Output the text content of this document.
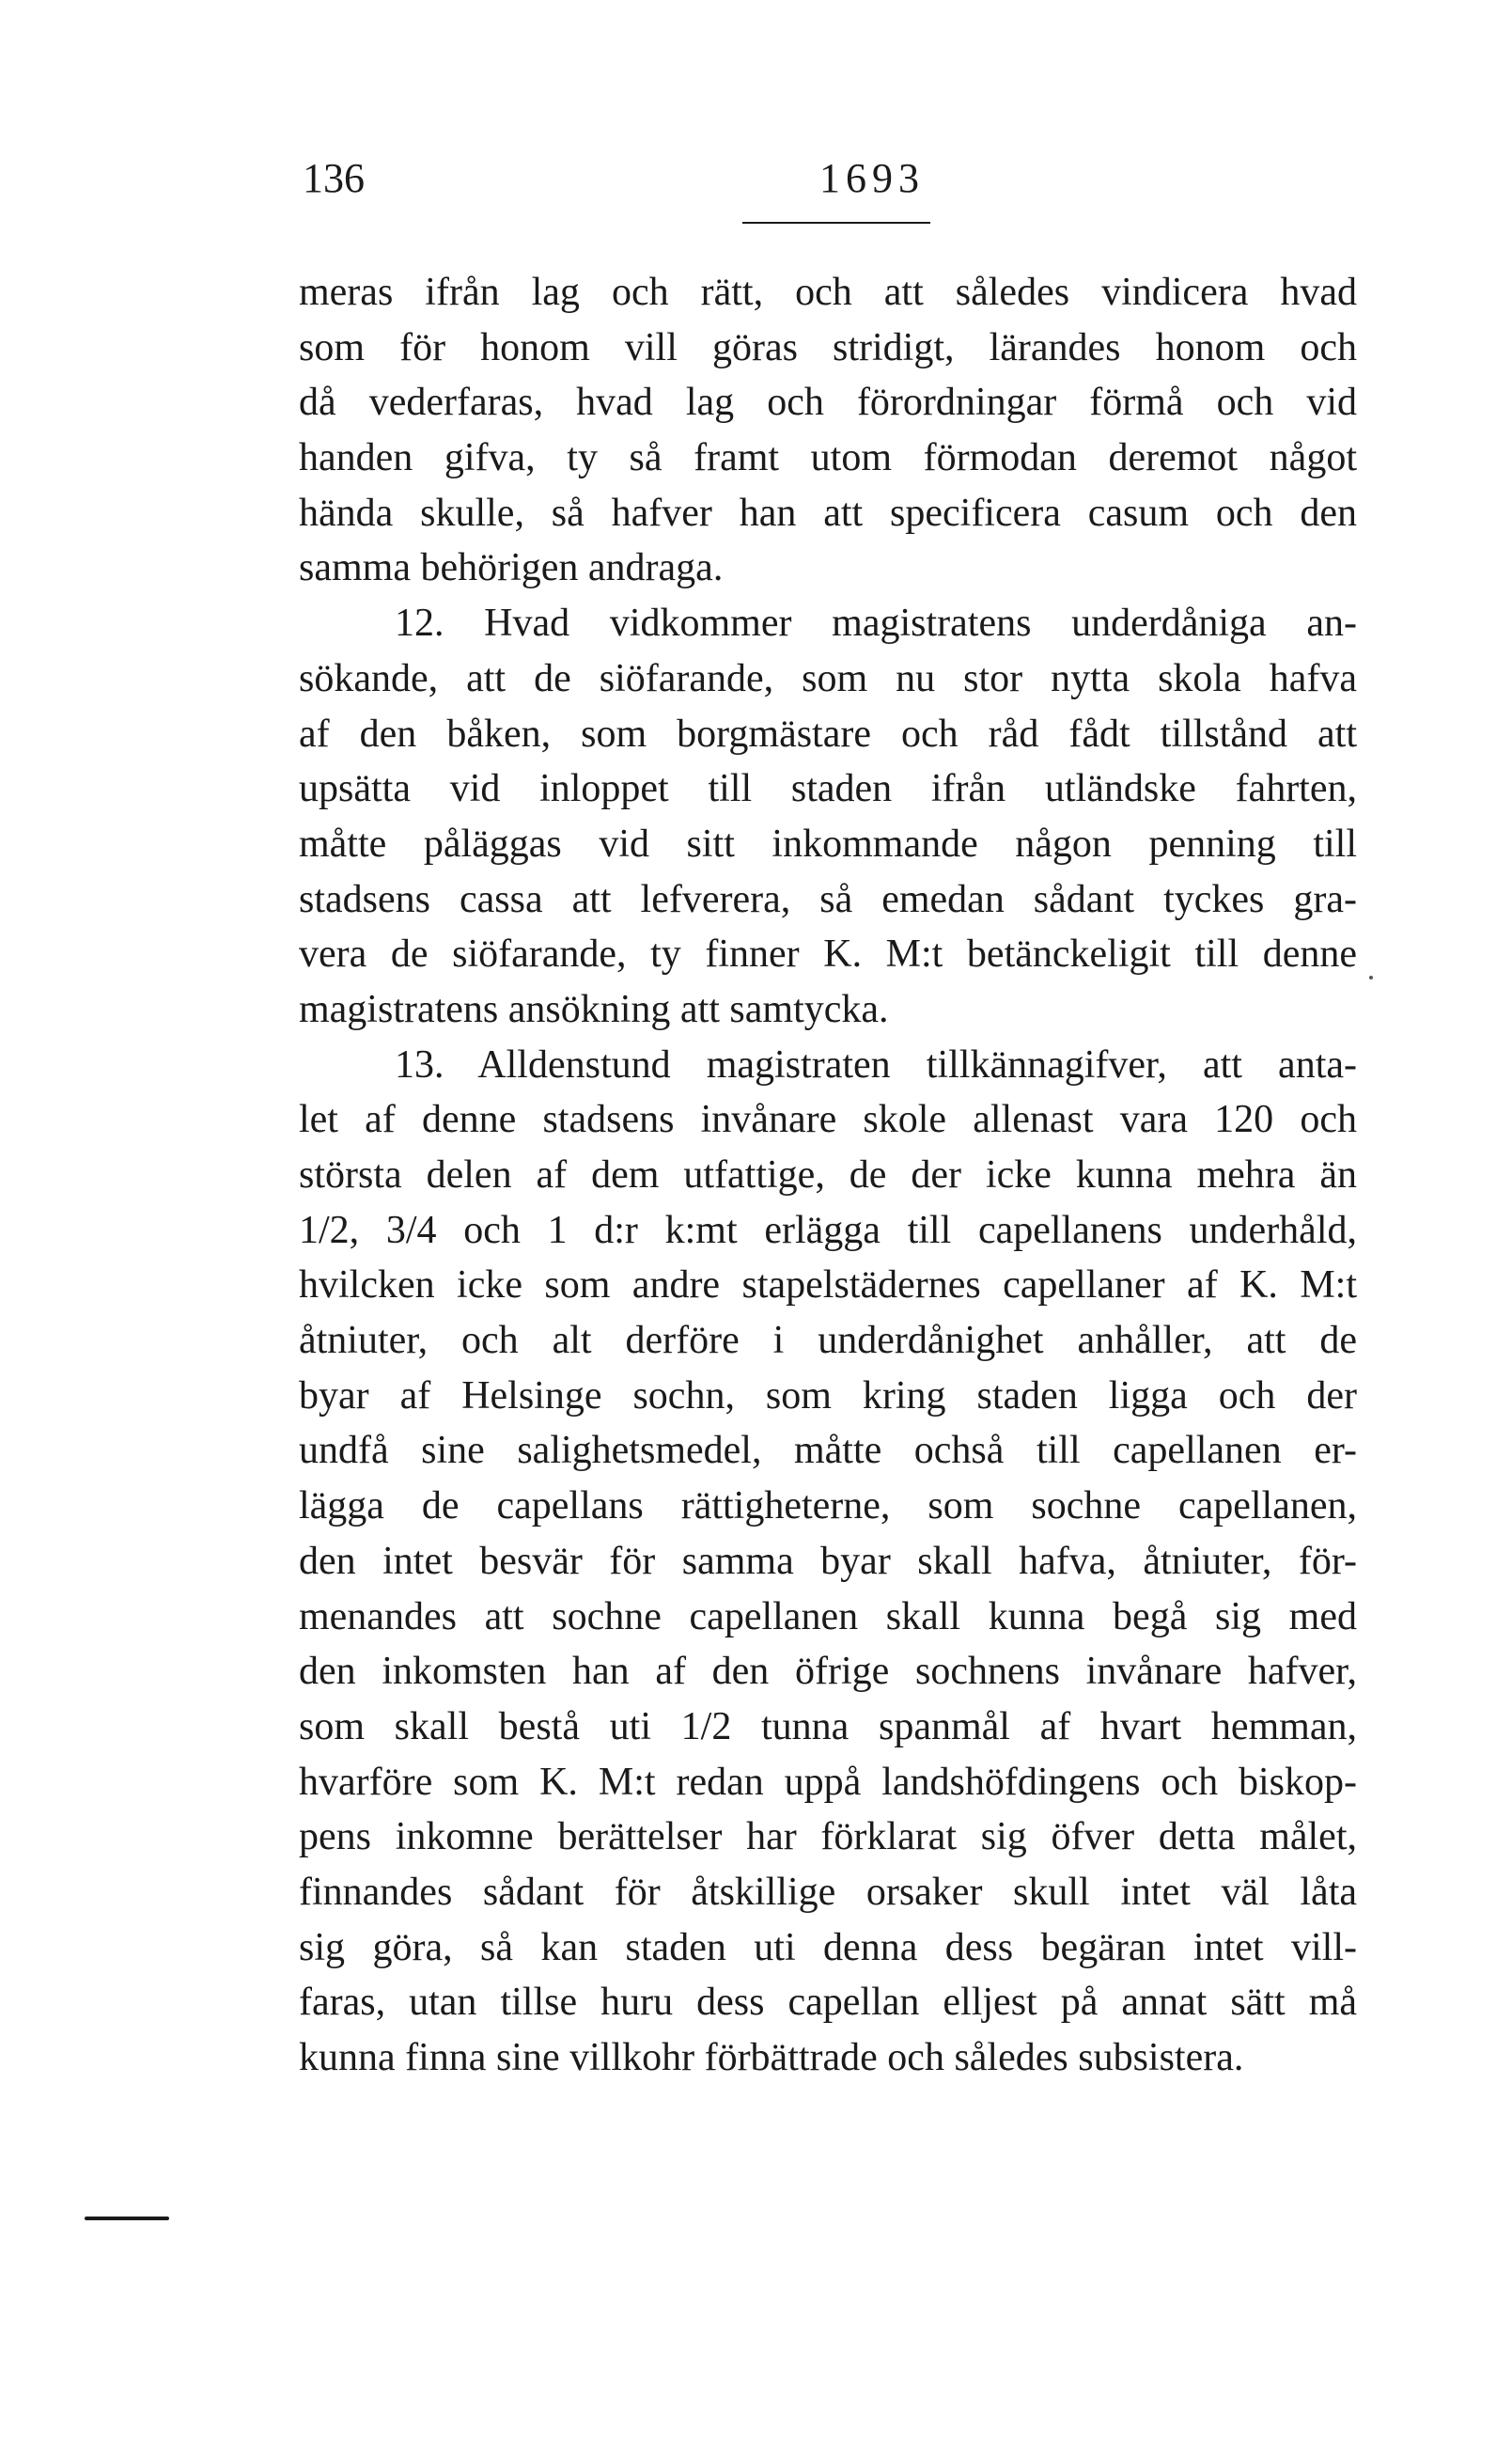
136	1693
meras ifrån lag och rätt, och att således vindicera hvad
som för honom vill göras stridigt, lärandes honom och
då vederfaras, hvad lag och förordningar förmå och vid
handen gifva, ty så framt utom förmodan deremot något
hända skulle, så hafver han att specificera casum och den
samma behörigen andraga.
12. Hvad vidkommer magistratens underdåniga an-
sökande, att de siöfarande, som nu stor nytta skola hafva
af den båken, som borgmästare och råd fådt tillstånd att
upsätta vid inloppet till staden ifrån utländske fahrten,
måtte påläggas vid sitt inkommande någon penning till
stadsens cassa att lefverera, så emedan sådant tyckes gra-
vera de siöfarande, ty finner K. M:t betänckeligit till denne
magistratens ansökning att samtycka.
13. Alldenstund magistraten tillkännagifver, att anta-
let af denne stadsens invånare skole allenast vara 120 och
största delen af dem utfattige, de der icke kunna mehra än
1/2, 3/4 och 1 d:r k:mt erlägga till capellanens underhåld,
hvilcken icke som andre stapelstädernes capellaner af K. M:t
åtniuter, och alt derföre i underdånighet anhåller, att de
byar af Helsinge sochn, som kring staden ligga och der
undfå sine salighetsmedel, måtte ochså till capellanen er-
lägga de capellans rättigheterne, som sochne capellanen,
den intet besvär för samma byar skall hafva, åtniuter, för-
menandes att sochne capellanen skall kunna begå sig med
den inkomsten han af den öfrige sochnens invånare hafver,
som skall bestå uti 1/2 tunna spanmål af hvart hemman,
hvarföre som K. M:t redan uppå landshöfdingens och biskop-
pens inkomne berättelser har förklarat sig öfver detta målet,
finnandes sådant för åtskillige orsaker skull intet väl låta
sig göra, så kan staden uti denna dess begäran intet vill-
faras, utan tillse huru dess capellan elljest på annat sätt må
kunna finna sine villkohr förbättrade och således subsistera.
